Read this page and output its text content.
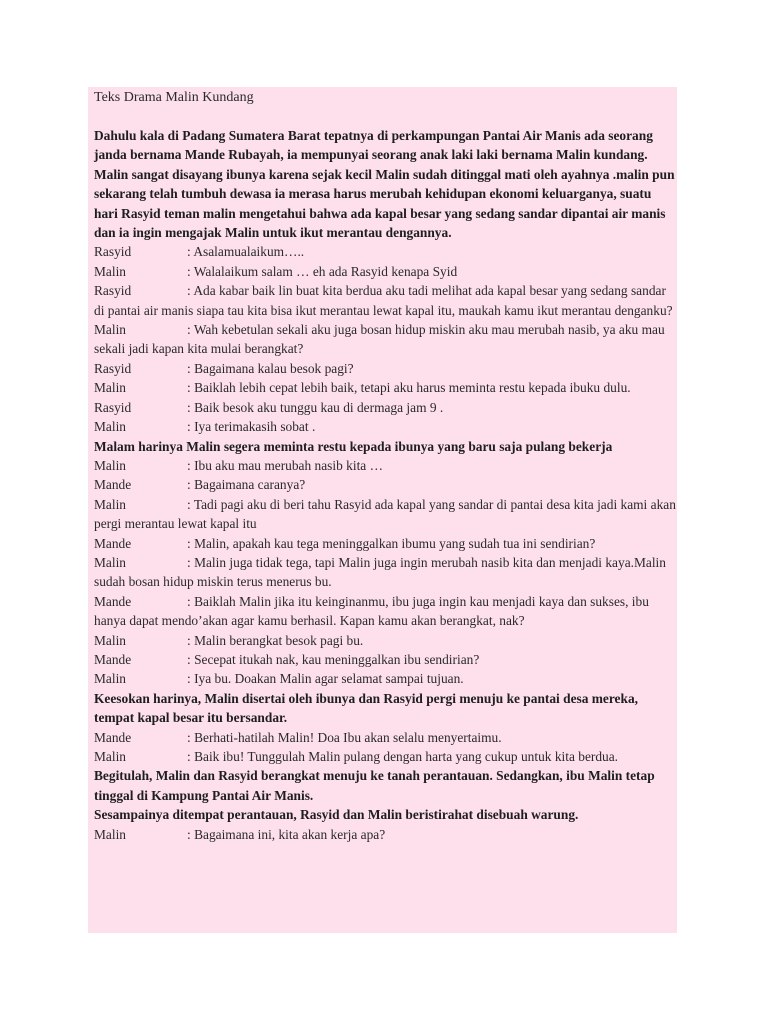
Teks Drama Malin Kundang
Dahulu kala di Padang Sumatera Barat tepatnya di perkampungan Pantai Air Manis ada seorang janda bernama Mande Rubayah, ia mempunyai seorang anak laki laki bernama Malin kundang. Malin sangat disayang ibunya karena sejak kecil Malin sudah ditinggal mati oleh ayahnya .malin pun sekarang telah tumbuh dewasa ia merasa harus merubah kehidupan ekonomi keluarganya, suatu hari Rasyid teman malin mengetahui bahwa ada kapal besar yang sedang sandar dipantai air manis dan ia ingin mengajak Malin untuk ikut merantau dengannya.
Rasyid	: Asalamualaikum…..
Malin	: Walalaikum salam … eh ada Rasyid kenapa Syid
Rasyid	: Ada kabar baik lin buat kita berdua aku tadi melihat ada kapal besar yang sedang sandar di pantai air manis siapa tau kita bisa ikut merantau lewat kapal itu, maukah kamu ikut merantau denganku?
Malin	: Wah kebetulan sekali aku juga bosan hidup miskin aku mau merubah nasib, ya aku mau sekali jadi kapan kita mulai berangkat?
Rasyid	: Bagaimana kalau besok pagi?
Malin	: Baiklah lebih cepat lebih baik, tetapi aku harus meminta restu kepada ibuku dulu.
Rasyid	: Baik besok aku tunggu kau di dermaga jam 9 .
Malin	: Iya terimakasih sobat .
Malam harinya Malin segera meminta restu kepada ibunya yang baru saja pulang bekerja
Malin	: Ibu aku mau merubah nasib kita …
Mande	: Bagaimana caranya?
Malin	: Tadi pagi aku di beri tahu Rasyid ada kapal yang sandar di pantai desa kita jadi kami akan pergi merantau lewat kapal itu
Mande	: Malin, apakah kau tega meninggalkan ibumu yang sudah tua ini sendirian?
Malin	: Malin juga tidak tega, tapi Malin juga ingin merubah nasib kita dan menjadi kaya.Malin sudah bosan hidup miskin terus menerus bu.
Mande	: Baiklah Malin jika itu keinginanmu, ibu juga ingin kau menjadi kaya dan sukses, ibu hanya dapat mendo’akan agar kamu berhasil. Kapan kamu akan berangkat, nak?
Malin	: Malin berangkat besok pagi bu.
Mande	: Secepat itukah nak, kau meninggalkan ibu sendirian?
Malin	: Iya bu. Doakan Malin agar selamat sampai tujuan.
Keesokan harinya, Malin disertai oleh ibunya dan Rasyid pergi menuju ke pantai desa mereka, tempat kapal besar itu bersandar.
Mande	: Berhati-hatilah Malin! Doa Ibu akan selalu menyertaimu.
Malin	: Baik ibu! Tunggulah Malin pulang dengan harta yang cukup untuk kita berdua.
Begitulah, Malin dan Rasyid berangkat menuju ke tanah perantauan. Sedangkan, ibu Malin tetap tinggal di Kampung Pantai Air Manis.
Sesampainya ditempat perantauan, Rasyid dan Malin beristirahat disebuah warung.
Malin	: Bagaimana ini, kita akan kerja apa?
